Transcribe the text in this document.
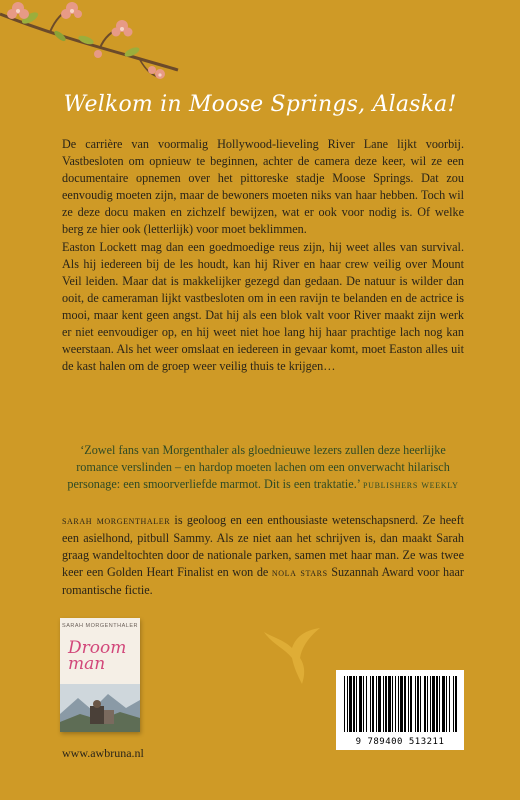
Welkom in Moose Springs, Alaska!

De carrière van voormalig Hollywood-lieveling River Lane lijkt voorbij. Vastbesloten om opnieuw te beginnen, achter de camera deze keer, wil ze een documentaire opnemen over het pittoreske stadje Moose Springs. Dat zou eenvoudig moeten zijn, maar de bewoners moeten niks van haar hebben. Toch wil ze deze docu maken en zichzelf bewijzen, wat er ook voor nodig is. Of welke berg ze hier ook (letterlijk) voor moet beklimmen.

Easton Lockett mag dan een goedmoedige reus zijn, hij weet alles van survival. Als hij iedereen bij de les houdt, kan hij River en haar crew veilig over Mount Veil leiden. Maar dat is makkelijker gezegd dan gedaan. De natuur is wilder dan ooit, de cameraman lijkt vastbesloten om in een ravijn te belanden en de actrice is mooi, maar kent geen angst. Dat hij als een blok valt voor River maakt zijn werk er niet eenvoudiger op, en hij weet niet hoe lang hij haar prachtige lach nog kan weerstaan. Als het weer omslaat en iedereen in gevaar komt, moet Easton alles uit de kast halen om de groep weer veilig thuis te krijgen…

‘Zowel fans van Morgenthaler als gloednieuwe lezers zullen deze heerlijke romance verslinden – en hardop moeten lachen om een onverwacht hilarisch personage: een smoorverliefde marmot. Dit is een traktatie.’ publishers weekly

sarah morgenthaler is geoloog en een enthousiaste wetenschapsnerd. Ze heeft een asielhond, pitbull Sammy. Als ze niet aan het schrijven is, dan maakt Sarah graag wandeltochten door de nationale parken, samen met haar man. Ze was twee keer een Golden Heart Finalist en won de nola stars Suzannah Award voor haar romantische fictie.

SARAH MORGENTHALER
Droom
man
9 789400 513211
www.awbruna.nl
